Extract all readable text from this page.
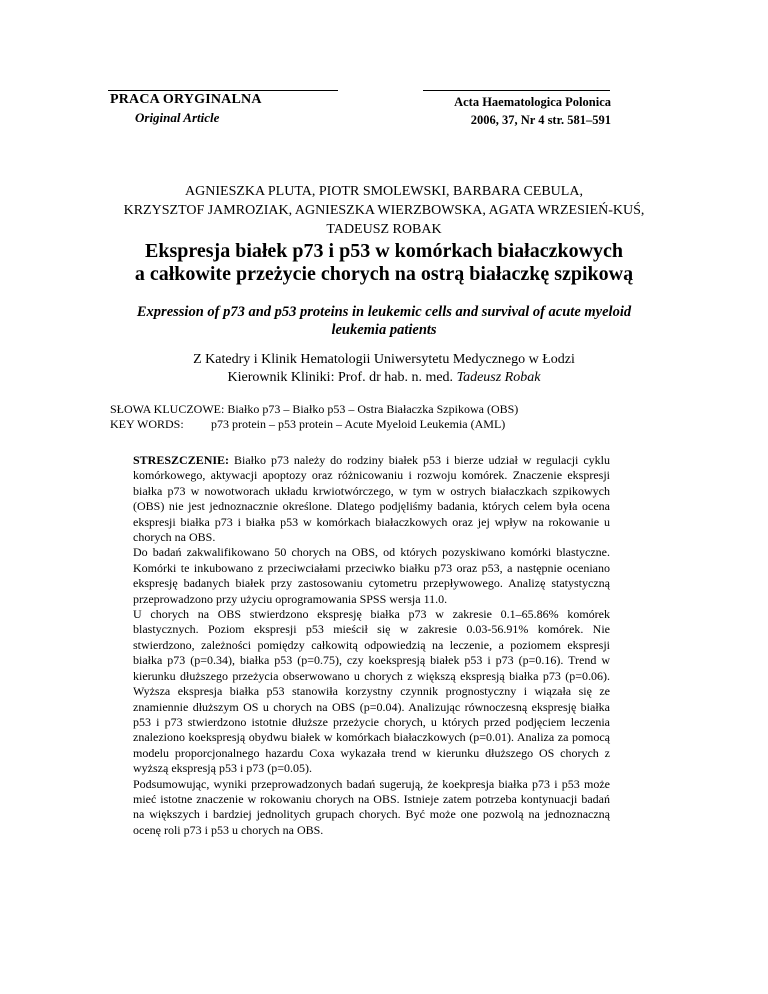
PRACA ORYGINALNA
Original Article
Acta Haematologica Polonica
2006, 37, Nr 4 str. 581–591
AGNIESZKA PLUTA, PIOTR SMOLEWSKI, BARBARA CEBULA,
KRZYSZTOF JAMROZIAK, AGNIESZKA WIERZBOWSKA, AGATA WRZESIEŃ-KUŚ,
TADEUSZ ROBAK
Ekspresja białek p73 i p53 w komórkach białaczkowych
a całkowite przeżycie chorych na ostrą białaczkę szpikową
Expression of p73 and p53 proteins in leukemic cells and survival of acute myeloid
leukemia patients
Z Katedry i Klinik Hematologii Uniwersytetu Medycznego w Łodzi
Kierownik Kliniki: Prof. dr hab. n. med. Tadeusz Robak
SŁOWA KLUCZOWE:
Białko p73 – Białko p53 – Ostra Białaczka Szpikowa (OBS)
KEY WORDS:	p73 protein – p53 protein – Acute Myeloid Leukemia (AML)

STRESZCZENIE: Białko p73 należy do rodziny białek p53 i bierze udział w regulacji cyklu komórkowego, aktywacji apoptozy oraz różnicowaniu i rozwoju komórek. Znaczenie ekspresji białka p73 w nowotworach układu krwiotwórczego, w tym w ostrych białaczkach szpikowych (OBS) nie jest jednoznacznie określone. Dlatego podjęliśmy badania, których celem była ocena ekspresji białka p73 i białka p53 w komórkach białaczkowych oraz jej wpływ na rokowanie u chorych na OBS.

Do badań zakwalifikowano 50 chorych na OBS, od których pozyskiwano komórki blastyczne. Komórki te inkubowano z przeciwciałami przeciwko białku p73 oraz p53, a następnie oceniano ekspresję badanych białek przy zastosowaniu cytometru przepływowego. Analizę statystyczną przeprowadzono przy użyciu oprogramowania SPSS wersja 11.0.

U chorych na OBS stwierdzono ekspresję białka p73 w zakresie 0.1–65.86% komórek blastycznych. Poziom ekspresji p53 mieścił się w zakresie 0.03-56.91% komórek. Nie stwierdzono, zależności pomiędzy całkowitą odpowiedzią na leczenie, a poziomem ekspresji białka p73 (p=0.34), białka p53 (p=0.75), czy koekspresją białek p53 i p73 (p=0.16). Trend w kierunku dłuższego przeżycia obserwowano u chorych z większą ekspresją białka p73 (p=0.06). Wyższa ekspresja białka p53 stanowiła korzystny czynnik prognostyczny i wiązała się ze znamiennie dłuższym OS u chorych na OBS (p=0.04). Analizując równoczesną ekspresję białka p53 i p73 stwierdzono istotnie dłuższe przeżycie chorych, u których przed podjęciem leczenia znaleziono koekspresją obydwu białek w komórkach białaczkowych (p=0.01). Analiza za pomocą modelu proporcjonalnego hazardu Coxa wykazała trend w kierunku dłuższego OS chorych z wyższą ekspresją p53 i p73 (p=0.05).

Podsumowując, wyniki przeprowadzonych badań sugerują, że koekpresja białka p73 i p53 może mieć istotne znaczenie w rokowaniu chorych na OBS. Istnieje zatem potrzeba kontynuacji badań na większych i bardziej jednolitych grupach chorych. Być może one pozwolą na jednoznaczną ocenę roli p73 i p53 u chorych na OBS.
